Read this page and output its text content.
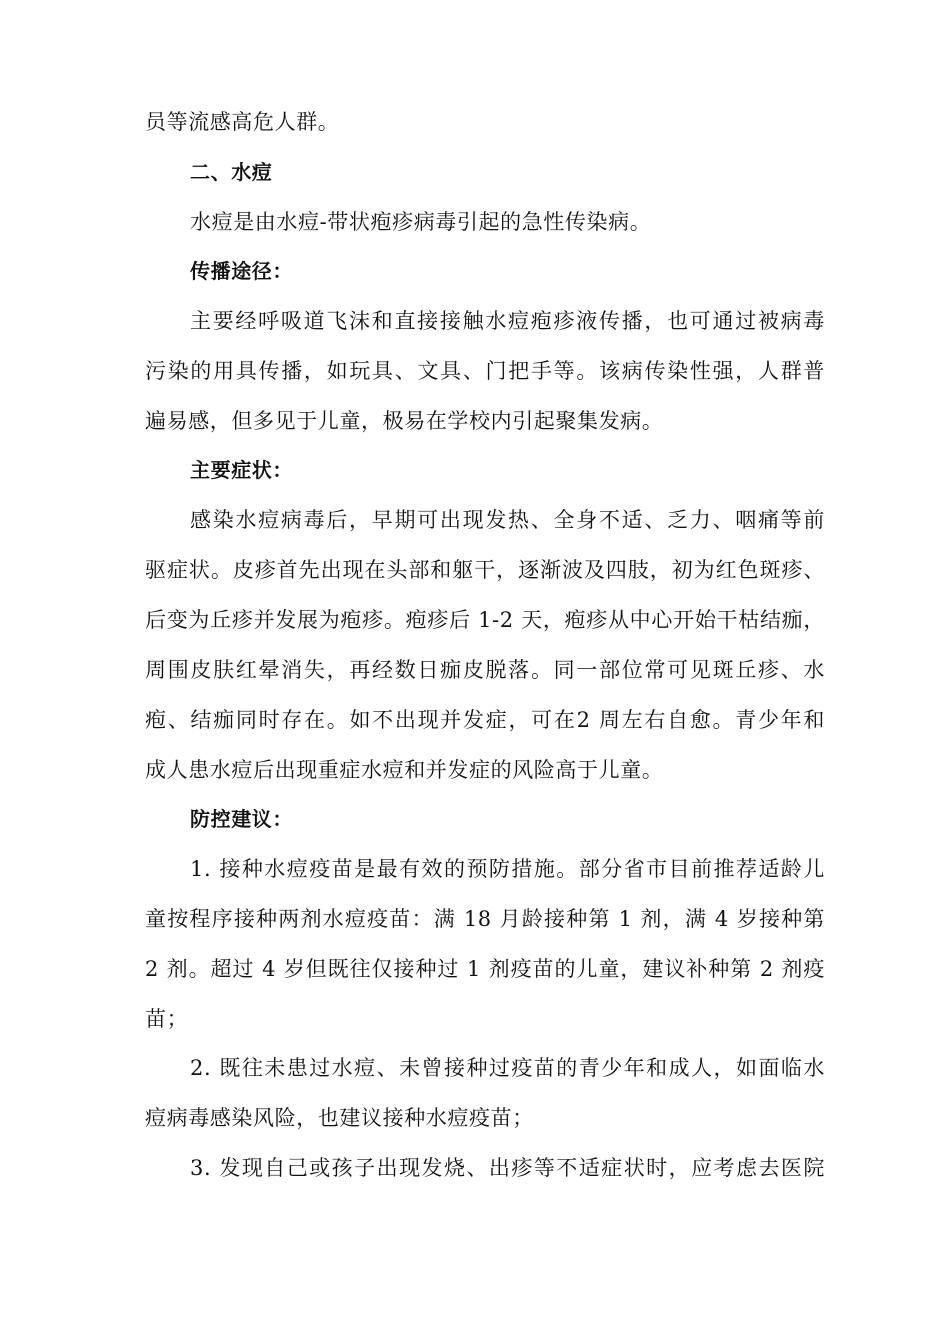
员等流感高危人群。
二、水痘
水痘是由水痘-带状疱疹病毒引起的急性传染病。
传播途径：
主要经呼吸道飞沫和直接接触水痘疱疹液传播，也可通过被病毒
污染的用具传播，如玩具、文具、门把手等。该病传染性强，人群普
遍易感，但多见于儿童，极易在学校内引起聚集发病。
主要症状：
感染水痘病毒后，早期可出现发热、全身不适、乏力、咽痛等前
驱症状。皮疹首先出现在头部和躯干，逐渐波及四肢，初为红色斑疹、
后变为丘疹并发展为疱疹。疱疹后 1-2 天，疱疹从中心开始干枯结痂，
周围皮肤红晕消失，再经数日痂皮脱落。同一部位常可见斑丘疹、水
疱、结痂同时存在。如不出现并发症，可在2 周左右自愈。青少年和
成人患水痘后出现重症水痘和并发症的风险高于儿童。
防控建议：
1. 接种水痘疫苗是最有效的预防措施。部分省市目前推荐适龄儿
童按程序接种两剂水痘疫苗：满 18 月龄接种第 1 剂，满 4 岁接种第
2 剂。超过 4 岁但既往仅接种过 1 剂疫苗的儿童，建议补种第 2 剂疫
苗；
2. 既往未患过水痘、未曾接种过疫苗的青少年和成人，如面临水
痘病毒感染风险，也建议接种水痘疫苗；
3. 发现自己或孩子出现发烧、出疹等不适症状时，应考虑去医院
